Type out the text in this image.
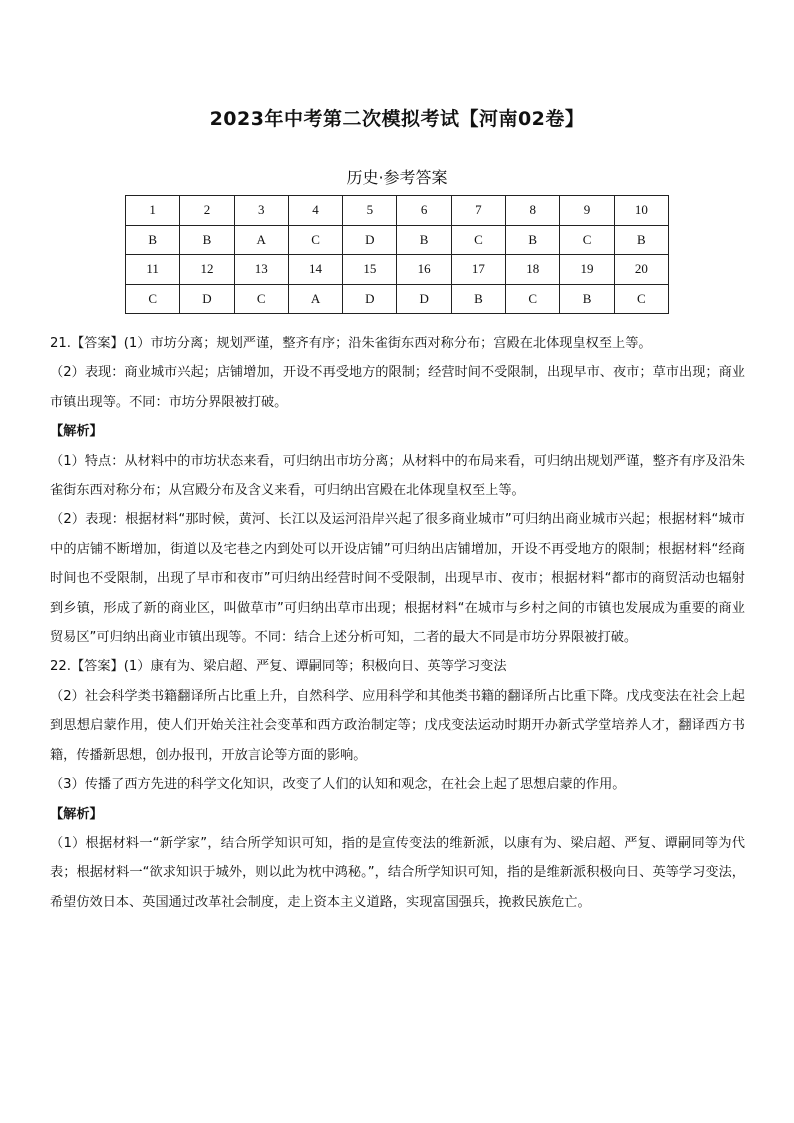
2023年中考第二次模拟考试【河南02卷】
历史·参考答案
1	2	3	4	5	6	7	8	9	10
B	B	A	C	D	B	C	B	C	B
11	12	13	14	15	16	17	18	19	20
C	D	C	A	D	D	B	C	B	C

21.【答案】(1）市坊分离；规划严谨，整齐有序；沿朱雀街东西对称分布；宫殿在北体现皇权至上等。

（2）表现：商业城市兴起；店铺增加，开设不再受地方的限制；经营时间不受限制，出现早市、夜市；草市出现；商业市镇出现等。不同：市坊分界限被打破。

【解析】

（1）特点：从材料中的市坊状态来看，可归纳出市坊分离；从材料中的布局来看，可归纳出规划严谨，整齐有序及沿朱雀街东西对称分布；从宫殿分布及含义来看，可归纳出宫殿在北体现皇权至上等。

（2）表现：根据材料“那时候，黄河、长江以及运河沿岸兴起了很多商业城市”可归纳出商业城市兴起；根据材料“城市中的店铺不断增加，街道以及宅巷之内到处可以开设店铺”可归纳出店铺增加，开设不再受地方的限制；根据材料“经商时间也不受限制，出现了早市和夜市”可归纳出经营时间不受限制，出现早市、夜市；根据材料“都市的商贸活动也辐射到乡镇，形成了新的商业区，叫做草市”可归纳出草市出现；根据材料“在城市与乡村之间的市镇也发展成为重要的商业贸易区”可归纳出商业市镇出现等。不同：结合上述分析可知，二者的最大不同是市坊分界限被打破。

22.【答案】(1）康有为、梁启超、严复、谭嗣同等；积极向日、英等学习变法

（2）社会科学类书籍翻译所占比重上升，自然科学、应用科学和其他类书籍的翻译所占比重下降。戊戌变法在社会上起到思想启蒙作用，使人们开始关注社会变革和西方政治制定等；戊戌变法运动时期开办新式学堂培养人才，翻译西方书籍，传播新思想，创办报刊，开放言论等方面的影响。

（3）传播了西方先进的科学文化知识，改变了人们的认知和观念，在社会上起了思想启蒙的作用。

【解析】

（1）根据材料一“新学家”，结合所学知识可知，指的是宣传变法的维新派，以康有为、梁启超、严复、谭嗣同等为代表；根据材料一“欲求知识于城外，则以此为枕中鸿秘。”，结合所学知识可知，指的是维新派积极向日、英等学习变法，希望仿效日本、英国通过改革社会制度，走上资本主义道路，实现富国强兵，挽救民族危亡。
